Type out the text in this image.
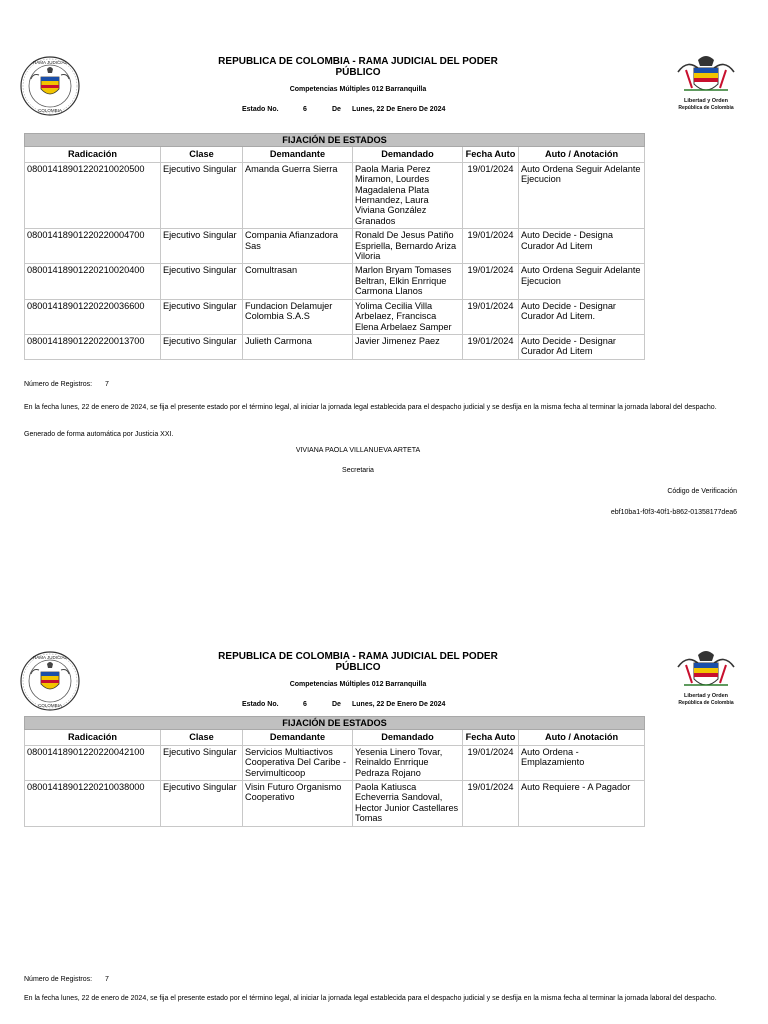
RAMA JUDICIAL
COLOMBIA
REPUBLICA DE COLOMBIA - RAMA JUDICIAL DEL PODER PÚBLICO
Competencias Múltiples 012 Barranquilla
Estado No.	6	De Lunes, 22 De Enero De 2024
Libertad y Orden
República de Colombia
FIJACIÓN DE ESTADOS					
Radicación	Clase	Demandante	Demandado	Fecha Auto	Auto / Anotación
08001418901220210020500	Ejecutivo Singular	Amanda Guerra Sierra	Paola Maria Perez Miramon, Lourdes Magadalena Plata Hernandez, Laura Viviana González Granados	19/01/2024	Auto Ordena Seguir Adelante Ejecucion
08001418901220220004700	Ejecutivo Singular	Compania Afianzadora Sas	Ronald De Jesus Patiño Espriella, Bernardo Ariza Viloria	19/01/2024	Auto Decide - Designa Curador Ad Litem
08001418901220210020400	Ejecutivo Singular	Comultrasan	Marlon Bryam Tomases Beltran, Elkin Enrrique Carmona Llanos	19/01/2024	Auto Ordena Seguir Adelante Ejecucion
08001418901220220036600	Ejecutivo Singular	Fundacion Delamujer Colombia S.A.S	Yolima Cecilia Villa Arbelaez, Francisca Elena Arbelaez Samper	19/01/2024	Auto Decide - Designar Curador Ad Litem.
08001418901220220013700	Ejecutivo Singular	Julieth Carmona	Javier Jimenez Paez	19/01/2024	Auto Decide - Designar Curador Ad Litem
Número de Registros: 7
En la fecha lunes, 22 de enero de 2024, se fija el presente estado por el término legal, al iniciar la jornada legal establecida para el despacho judicial y se desfija en la misma fecha al terminar la jornada laboral del despacho.
Generado de forma automática por Justicia XXI.
VIVIANA PAOLA VILLANUEVA ARTETA
Secretaria
Código de Verificación
ebf10ba1-f0f3-40f1-b862-01358177dea6
RAMA JUDICIAL
COLOMBIA
REPUBLICA DE COLOMBIA - RAMA JUDICIAL DEL PODER PÚBLICO
Competencias Múltiples 012 Barranquilla
Estado No.	6	De Lunes, 22 De Enero De 2024
Libertad y Orden
República de Colombia
FIJACIÓN DE ESTADOS					
Radicación	Clase	Demandante	Demandado	Fecha Auto	Auto / Anotación
08001418901220220042100	Ejecutivo Singular	Servicios Multiactivos Cooperativa Del Caribe - Servimulticoop	Yesenia Linero Tovar, Reinaldo Enrrique Pedraza Rojano	19/01/2024	Auto Ordena - Emplazamiento
08001418901220210038000	Ejecutivo Singular	Visin Futuro Organismo Cooperativo	Paola Katiusca Echeverria Sandoval, Hector Junior Castellares Tomas	19/01/2024	Auto Requiere - A Pagador
Número de Registros: 7
En la fecha lunes, 22 de enero de 2024, se fija el presente estado por el término legal, al iniciar la jornada legal establecida para el despacho judicial y se desfija en la misma fecha al terminar la jornada laboral del despacho.
